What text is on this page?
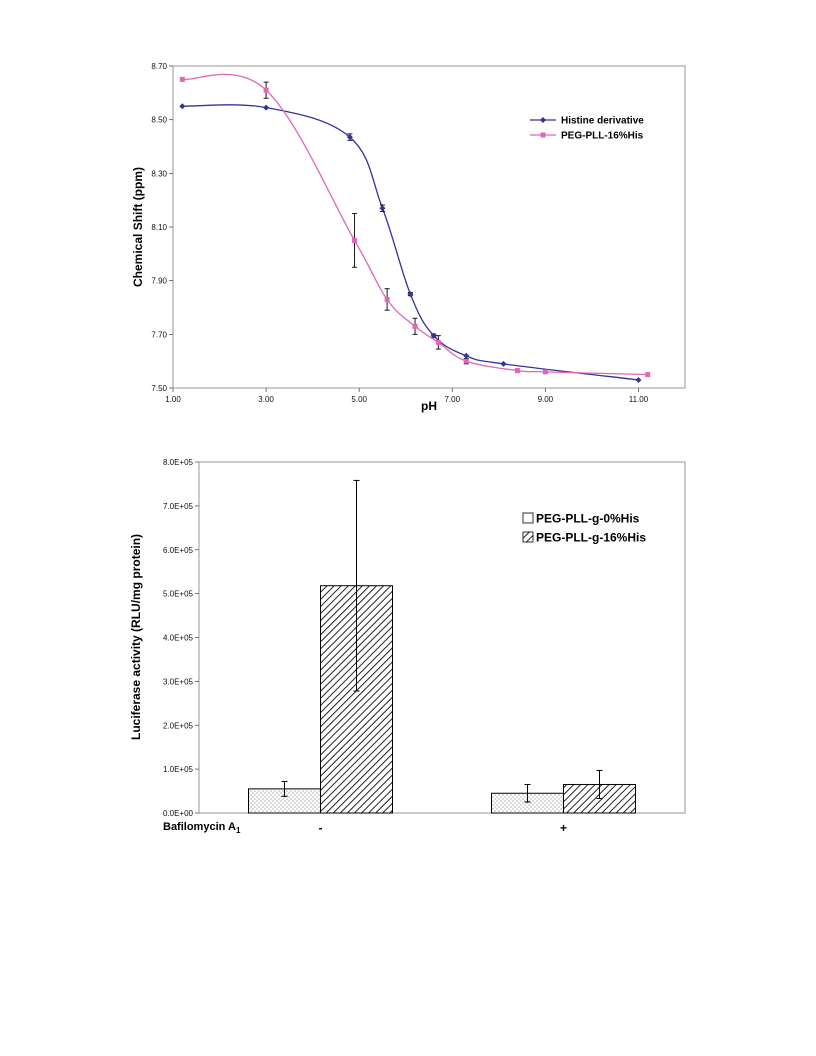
7.50
7.70
7.90
8.10
8.30
8.50
8.70
1.00	3.00	5.00	7.00	9.00	11.00
pH
Chemical Shift (ppm)
Histine derivative
PEG-PLL-16%His
0.0E+00
1.0E+05
2.0E+05
3.0E+05
4.0E+05
5.0E+05
6.0E+05
7.0E+05
8.0E+05
-	+
Luciferase activity (RLU/mg protein)
Bafilomycin $A_1$
PEG-PLL-g-0%His
PEG-PLL-g-16%His
